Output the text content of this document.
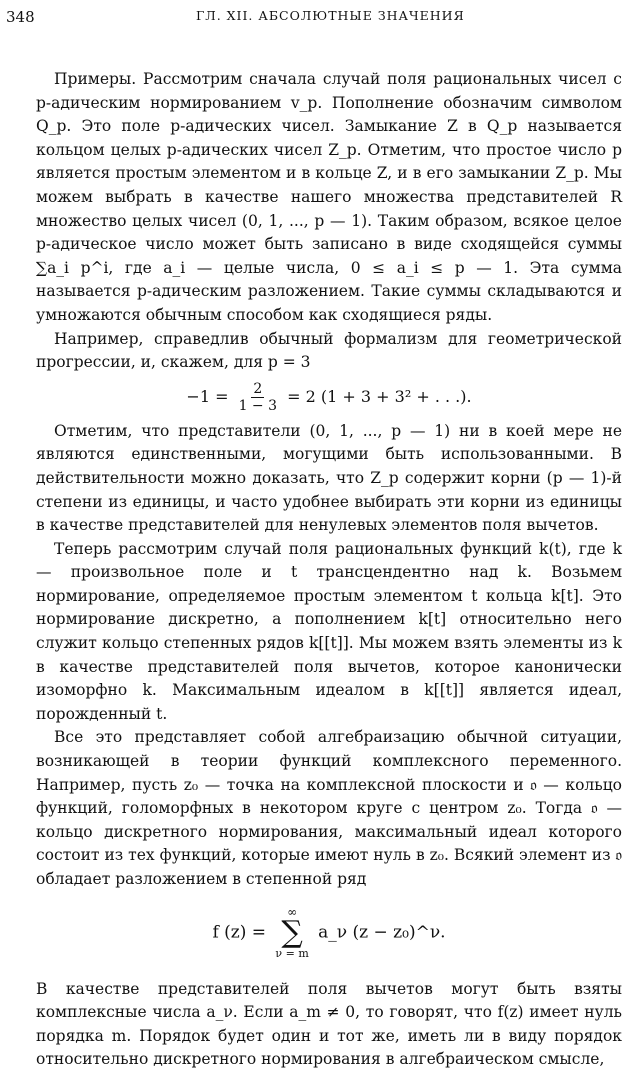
348	ГЛ. XII. АБСОЛЮТНЫЕ ЗНАЧЕНИЯ

Примеры. Рассмотрим сначала случай поля рациональных чисел с p-адическим нормированием v_p. Пополнение обозначим символом Q_p. Это поле p-адических чисел. Замыкание Z в Q_p называется кольцом целых p-адических чисел Z_p. Отметим, что простое число p является простым элементом и в кольце Z, и в его замыкании Z_p. Мы можем выбрать в качестве нашего множества представителей R множество целых чисел (0, 1, ..., p — 1). Таким образом, всякое целое p-адическое число может быть записано в виде сходящейся суммы ∑a_i p^i, где a_i — целые числа, 0 ≤ a_i ≤ p — 1. Эта сумма называется p-адическим разложением. Такие суммы складываются и умножаются обычным способом как сходящиеся ряды.

Например, справедлив обычный формализм для геометрической прогрессии, и, скажем, для p = 3

$-1 = \frac{2}{1 - 3} = 2$ (1 + 3 + 3² + . . .).

Отметим, что представители (0, 1, ..., p — 1) ни в коей мере не являются единственными, могущими быть использованными. В действительности можно доказать, что Z_p содержит корни (p — 1)-й степени из единицы, и часто удобнее выбирать эти корни из единицы в качестве представителей для ненулевых элементов поля вычетов.

Теперь рассмотрим случай поля рациональных функций k(t), где k — произвольное поле и t трансцендентно над k. Возьмем нормирование, определяемое простым элементом t кольца k[t]. Это нормирование дискретно, а пополнением k[t] относительно него служит кольцо степенных рядов k[[t]]. Мы можем взять элементы из k в качестве представителей поля вычетов, которое канонически изоморфно k. Максимальным идеалом в k[[t]] является идеал, порожденный t.

Все это представляет собой алгебраизацию обычной ситуации, возникающей в теории функций комплексного переменного. Например, пусть z₀ — точка на комплексной плоскости и 𝔬 — кольцо функций, голоморфных в некотором круге с центром z₀. Тогда 𝔬 — кольцо дискретного нормирования, максимальный идеал которого состоит из тех функций, которые имеют нуль в z₀. Всякий элемент из 𝔬 обладает разложением в степенной ряд

f (z) =
∞
∑
ν = m
a_ν (z − z₀)^ν.

В качестве представителей поля вычетов могут быть взяты комплексные числа a_ν. Если a_m ≠ 0, то говорят, что f(z) имеет нуль порядка m. Порядок будет один и тот же, иметь ли в виду порядок относительно дискретного нормирования в алгебраическом смысле,
